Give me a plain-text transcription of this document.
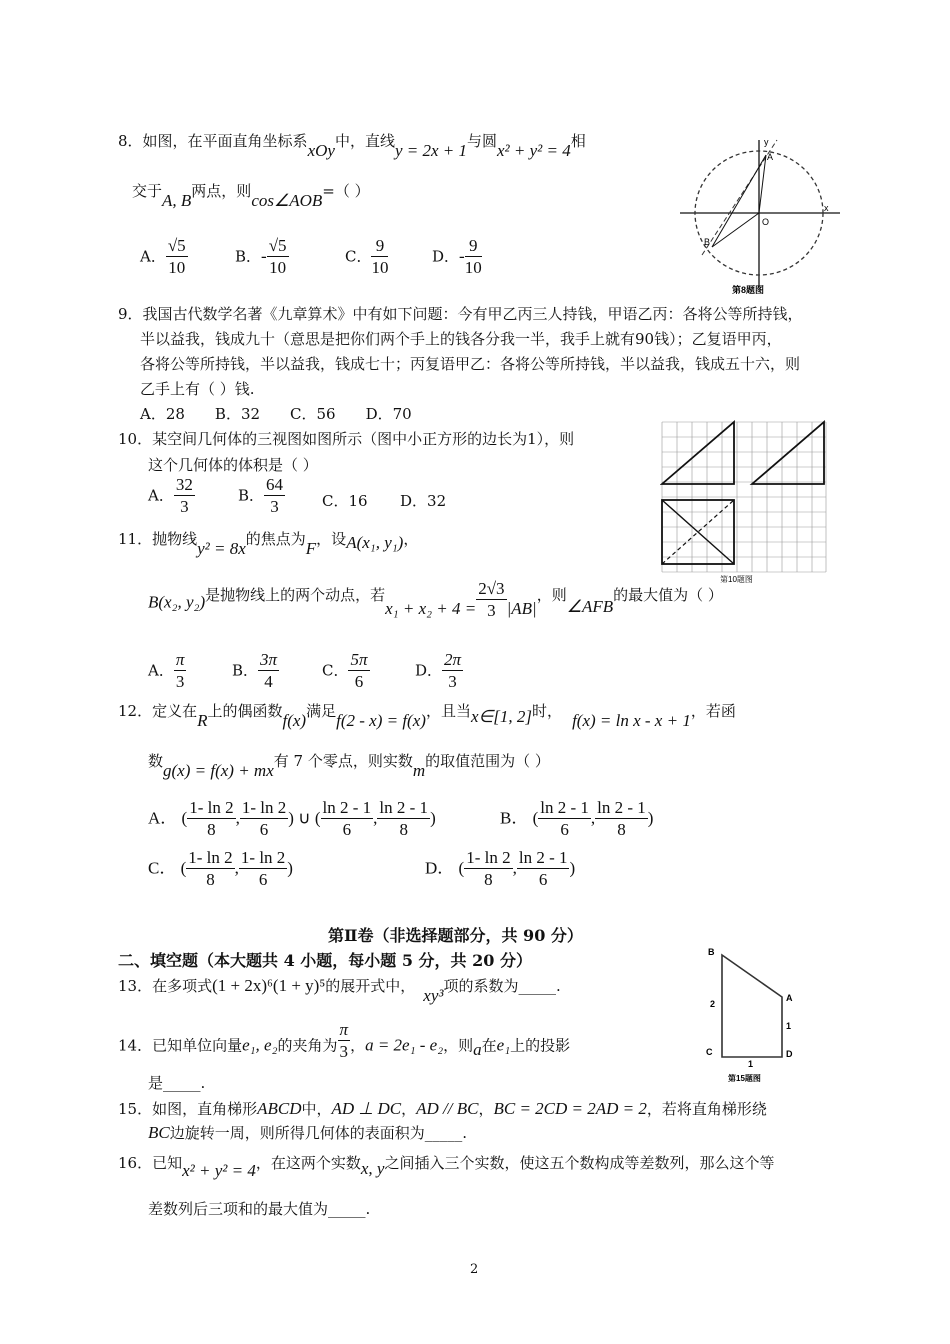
8．如图，在平面直角坐标系xOy中，直线y = 2x + 1与圆x² + y² = 4相
交于A, B两点，则cos∠AOB=（ ）
A． $\frac{√5}{10}$	B．- $\frac{√5}{10}$	C． $\frac{9}{10}$	D．- $\frac{9}{10}$
y
x
A
B
O
第8题图
9．我国古代数学名著《九章算术》中有如下问题：今有甲乙丙三人持钱，甲语乙丙：各将公等所持钱，
半以益我，钱成九十（意思是把你们两个手上的钱各分我一半，我手上就有90钱）；乙复语甲丙，
各将公等所持钱，半以益我，钱成七十；丙复语甲乙：各将公等所持钱，半以益我，钱成五十六，则
乙手上有（ ）钱.
A．28　　B．32　　C．56　　D．70
10．某空间几何体的三视图如图所示（图中小正方形的边长为1），则
这个几何体的体积是（ ）
A． $\frac{32}{3}$	B． $\frac{64}{3}$ C．16 D．32
第10题图
11．抛物线y² = 8x的焦点为F，设A(x₁, y₁)，
B(x₂, y₂)是抛物线上的两个动点，若$x_1 + x_2 + 4 = \frac{2√3}{3} |AB|$，则∠AFB的最大值为（ ）
A． $\frac{\pi}{3}$	B． $\frac{3\pi}{4}$	C． $\frac{5\pi}{6}$	D． $\frac{2\pi}{3}$
12．定义在R上的偶函数f(x)满足f(2 - x) = f(x)，且当x∈[1, 2]时， f(x) = ln x - x + 1，若函
数g(x) = f(x) + mx有 7 个零点，则实数m的取值范围为（ ）
A． ( $\frac{1- \ln 2}{8}$ , $\frac{1- \ln 2}{6}$ ) ∪ ( $\frac{\ln 2 - 1}{6}$ , $\frac{\ln 2 - 1}{8}$ )	B． ( $\frac{\ln 2 - 1}{6}$ , $\frac{\ln 2 - 1}{8}$ )
C． ( $\frac{1- \ln 2}{8}$ , $\frac{1- \ln 2}{6}$ )	D． ( $\frac{1- \ln 2}{8}$ , $\frac{\ln 2 - 1}{6}$ )
第Ⅱ卷（非选择题部分，共 90 分）
二、填空题（本大题共 4 小题，每小题 5 分，共 20 分）
13．在多项式(1 + 2x)⁶(1 + y)⁵的展开式中， xy³项的系数为_____.
14．已知单位向量e₁, e₂的夹角为 $\frac{\pi}{3}$ ，a = 2e₁ - e₂，则a在e₁上的投影
是_____.
B
A
C	D
2
1
1
第15题图
15．如图，直角梯形ABCD中，AD ⊥ DC，AD // BC，BC = 2CD = 2AD = 2，若将直角梯形绕
BC边旋转一周，则所得几何体的表面积为_____.
16．已知x² + y² = 4，在这两个实数x, y之间插入三个实数，使这五个数构成等差数列，那么这个等
差数列后三项和的最大值为_____.
2
